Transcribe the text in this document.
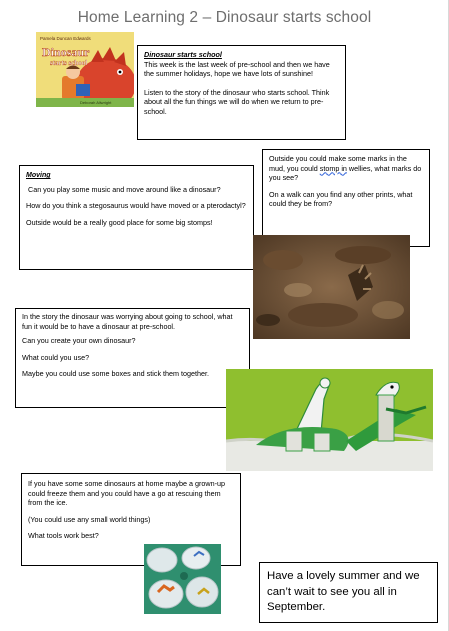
Home Learning 2 – Dinosaur starts school
Pamela Duncan Edwards
Dinosaur
starts school
Deborah Allwright

Dinosaur starts school

This week is the last week of pre-school and then we have the summer holidays, hope we have lots of sunshine!

Listen to the story of the dinosaur who starts school. Think about all the fun things we will do when we return to pre-school.

Outside you could make some marks in the mud, you could stomp in wellies, what marks do you see?

On a walk can you find any other prints, what could they be from?

Moving

Can you play some music and move around like a dinosaur?

How do you think a stegosaurus would have moved or a pterodactyl?

Outside would be a really good place for some big stomps!

In the story the dinosaur was worrying about going to school, what fun it would be to have a dinosaur at pre-school.

Can you create your own dinosaur?

What could you use?

Maybe you could use some boxes and stick them together.

If you have some some dinosaurs at home maybe a grown-up could freeze them and you could have a go at rescuing them from the ice.

(You could use any small world things)

What tools work best?

Have a lovely summer and we can’t wait to see you all in September.
